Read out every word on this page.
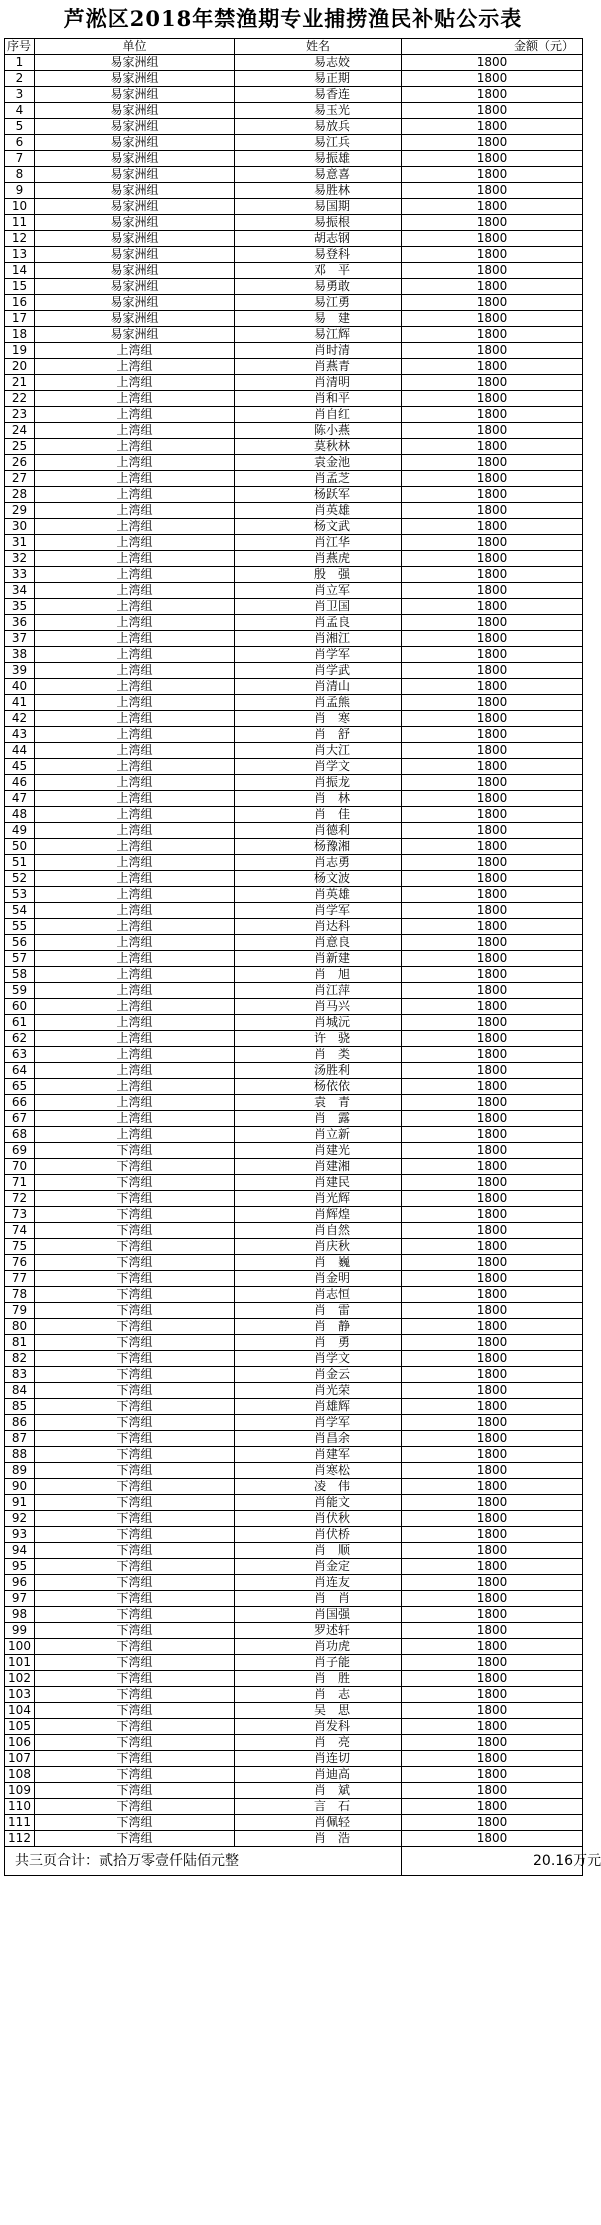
芦淞区2018年禁渔期专业捕捞渔民补贴公示表
序号	单位	姓名	金额（元）
1	易家洲组	易志姣	1800
2	易家洲组	易正期	1800
3	易家洲组	易香连	1800
4	易家洲组	易玉光	1800
5	易家洲组	易放兵	1800
6	易家洲组	易江兵	1800
7	易家洲组	易振雄	1800
8	易家洲组	易意喜	1800
9	易家洲组	易胜林	1800
10	易家洲组	易国期	1800
11	易家洲组	易振根	1800
12	易家洲组	胡志钢	1800
13	易家洲组	易登科	1800
14	易家洲组	邓　平	1800
15	易家洲组	易勇敢	1800
16	易家洲组	易江勇	1800
17	易家洲组	易　建	1800
18	易家洲组	易江辉	1800
19	上湾组	肖时清	1800
20	上湾组	肖燕青	1800
21	上湾组	肖清明	1800
22	上湾组	肖和平	1800
23	上湾组	肖自红	1800
24	上湾组	陈小燕	1800
25	上湾组	莫秋林	1800
26	上湾组	袁金池	1800
27	上湾组	肖孟芝	1800
28	上湾组	杨跃军	1800
29	上湾组	肖英雄	1800
30	上湾组	杨文武	1800
31	上湾组	肖江华	1800
32	上湾组	肖燕虎	1800
33	上湾组	殷　强	1800
34	上湾组	肖立军	1800
35	上湾组	肖卫国	1800
36	上湾组	肖孟良	1800
37	上湾组	肖湘江	1800
38	上湾组	肖学军	1800
39	上湾组	肖学武	1800
40	上湾组	肖清山	1800
41	上湾组	肖孟熊	1800
42	上湾组	肖　寒	1800
43	上湾组	肖　舒	1800
44	上湾组	肖大江	1800
45	上湾组	肖学文	1800
46	上湾组	肖振龙	1800
47	上湾组	肖　林	1800
48	上湾组	肖　佳	1800
49	上湾组	肖德利	1800
50	上湾组	杨豫湘	1800
51	上湾组	肖志勇	1800
52	上湾组	杨文波	1800
53	上湾组	肖英雄	1800
54	上湾组	肖学军	1800
55	上湾组	肖达科	1800
56	上湾组	肖意良	1800
57	上湾组	肖新建	1800
58	上湾组	肖　旭	1800
59	上湾组	肖江萍	1800
60	上湾组	肖马兴	1800
61	上湾组	肖城沅	1800
62	上湾组	许　骁	1800
63	上湾组	肖　类	1800
64	上湾组	汤胜利	1800
65	上湾组	杨依依	1800
66	上湾组	袁　青	1800
67	上湾组	肖　露	1800
68	上湾组	肖立新	1800
69	下湾组	肖建光	1800
70	下湾组	肖建湘	1800
71	下湾组	肖建民	1800
72	下湾组	肖光辉	1800
73	下湾组	肖辉煌	1800
74	下湾组	肖自然	1800
75	下湾组	肖庆秋	1800
76	下湾组	肖　巍	1800
77	下湾组	肖金明	1800
78	下湾组	肖志恒	1800
79	下湾组	肖　雷	1800
80	下湾组	肖　静	1800
81	下湾组	肖　勇	1800
82	下湾组	肖学文	1800
83	下湾组	肖金云	1800
84	下湾组	肖光荣	1800
85	下湾组	肖雄辉	1800
86	下湾组	肖学军	1800
87	下湾组	肖昌余	1800
88	下湾组	肖建军	1800
89	下湾组	肖寒松	1800
90	下湾组	凌　伟	1800
91	下湾组	肖能文	1800
92	下湾组	肖伏秋	1800
93	下湾组	肖伏桥	1800
94	下湾组	肖　顺	1800
95	下湾组	肖金定	1800
96	下湾组	肖连友	1800
97	下湾组	肖　肖	1800
98	下湾组	肖国强	1800
99	下湾组	罗述轩	1800
100	下湾组	肖功虎	1800
101	下湾组	肖子能	1800
102	下湾组	肖　胜	1800
103	下湾组	肖　志	1800
104	下湾组	吴　思	1800
105	下湾组	肖发科	1800
106	下湾组	肖　亮	1800
107	下湾组	肖连切	1800
108	下湾组	肖迪高	1800
109	下湾组	肖　斌	1800
110	下湾组	言　石	1800
111	下湾组	肖佩轻	1800
112	下湾组	肖　浩	1800
共三页合计：贰拾万零壹仟陆佰元整			20.16万元
